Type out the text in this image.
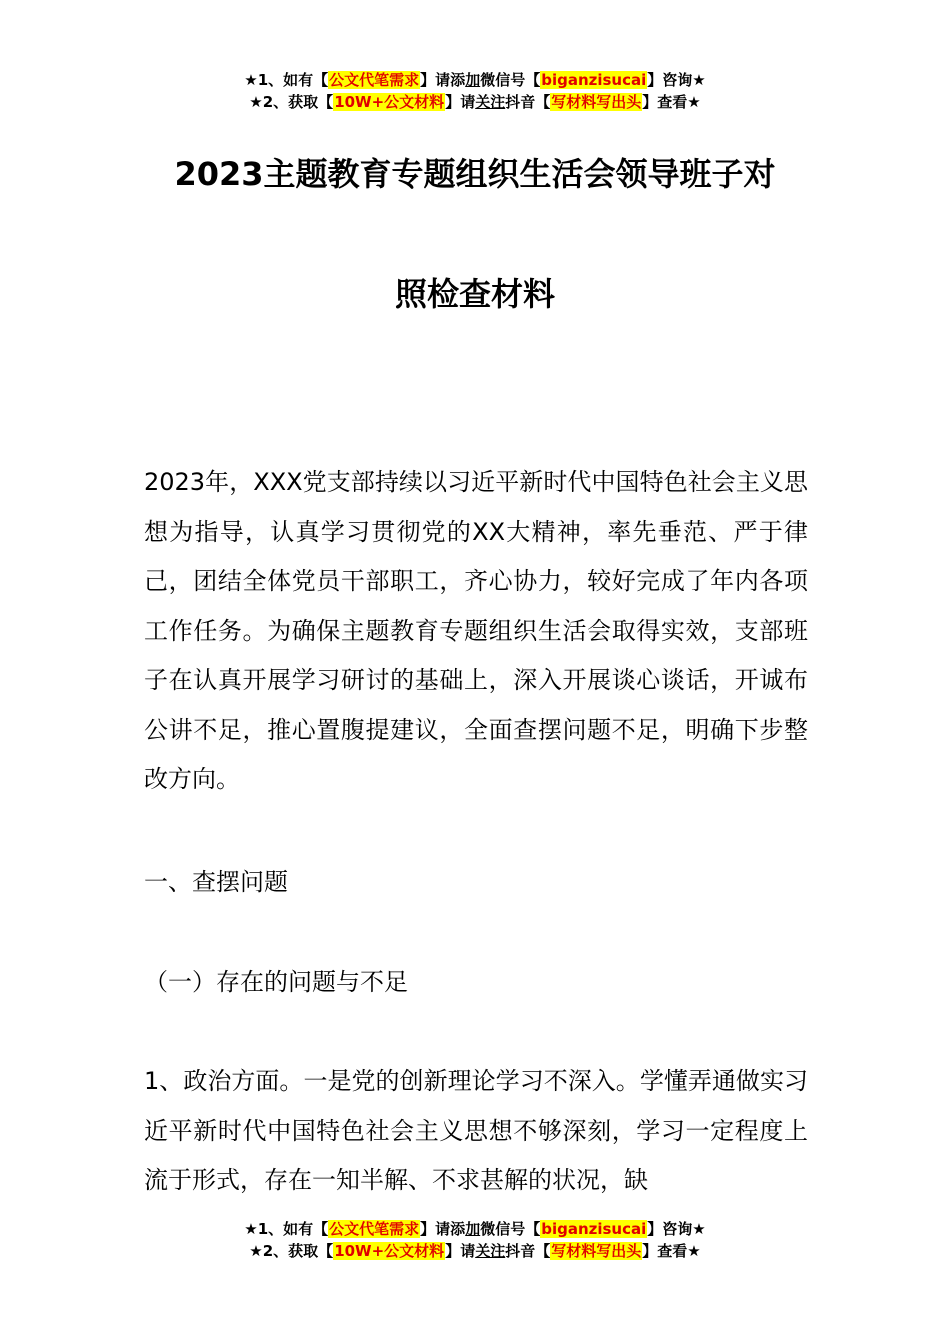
★1、如有【公文代笔需求】请添加微信号【biganzisucai】咨询★
★2、获取【10W+公文材料】请关注抖音【写材料写出头】查看★
2023主题教育专题组织生活会领导班子对
照检查材料
2023年，XXX党支部持续以习近平新时代中国特色社会主义思想为指导，认真学习贯彻党的XX大精神，率先垂范、严于律己，团结全体党员干部职工，齐心协力，较好完成了年内各项工作任务。为确保主题教育专题组织生活会取得实效，支部班子在认真开展学习研讨的基础上，深入开展谈心谈话，开诚布公讲不足，推心置腹提建议，全面查摆问题不足，明确下步整改方向。
一、查摆问题
（一）存在的问题与不足
1、政治方面。一是党的创新理论学习不深入。学懂弄通做实习近平新时代中国特色社会主义思想不够深刻，学习一定程度上流于形式，存在一知半解、不求甚解的状况，缺
★1、如有【公文代笔需求】请添加微信号【biganzisucai】咨询★
★2、获取【10W+公文材料】请关注抖音【写材料写出头】查看★
